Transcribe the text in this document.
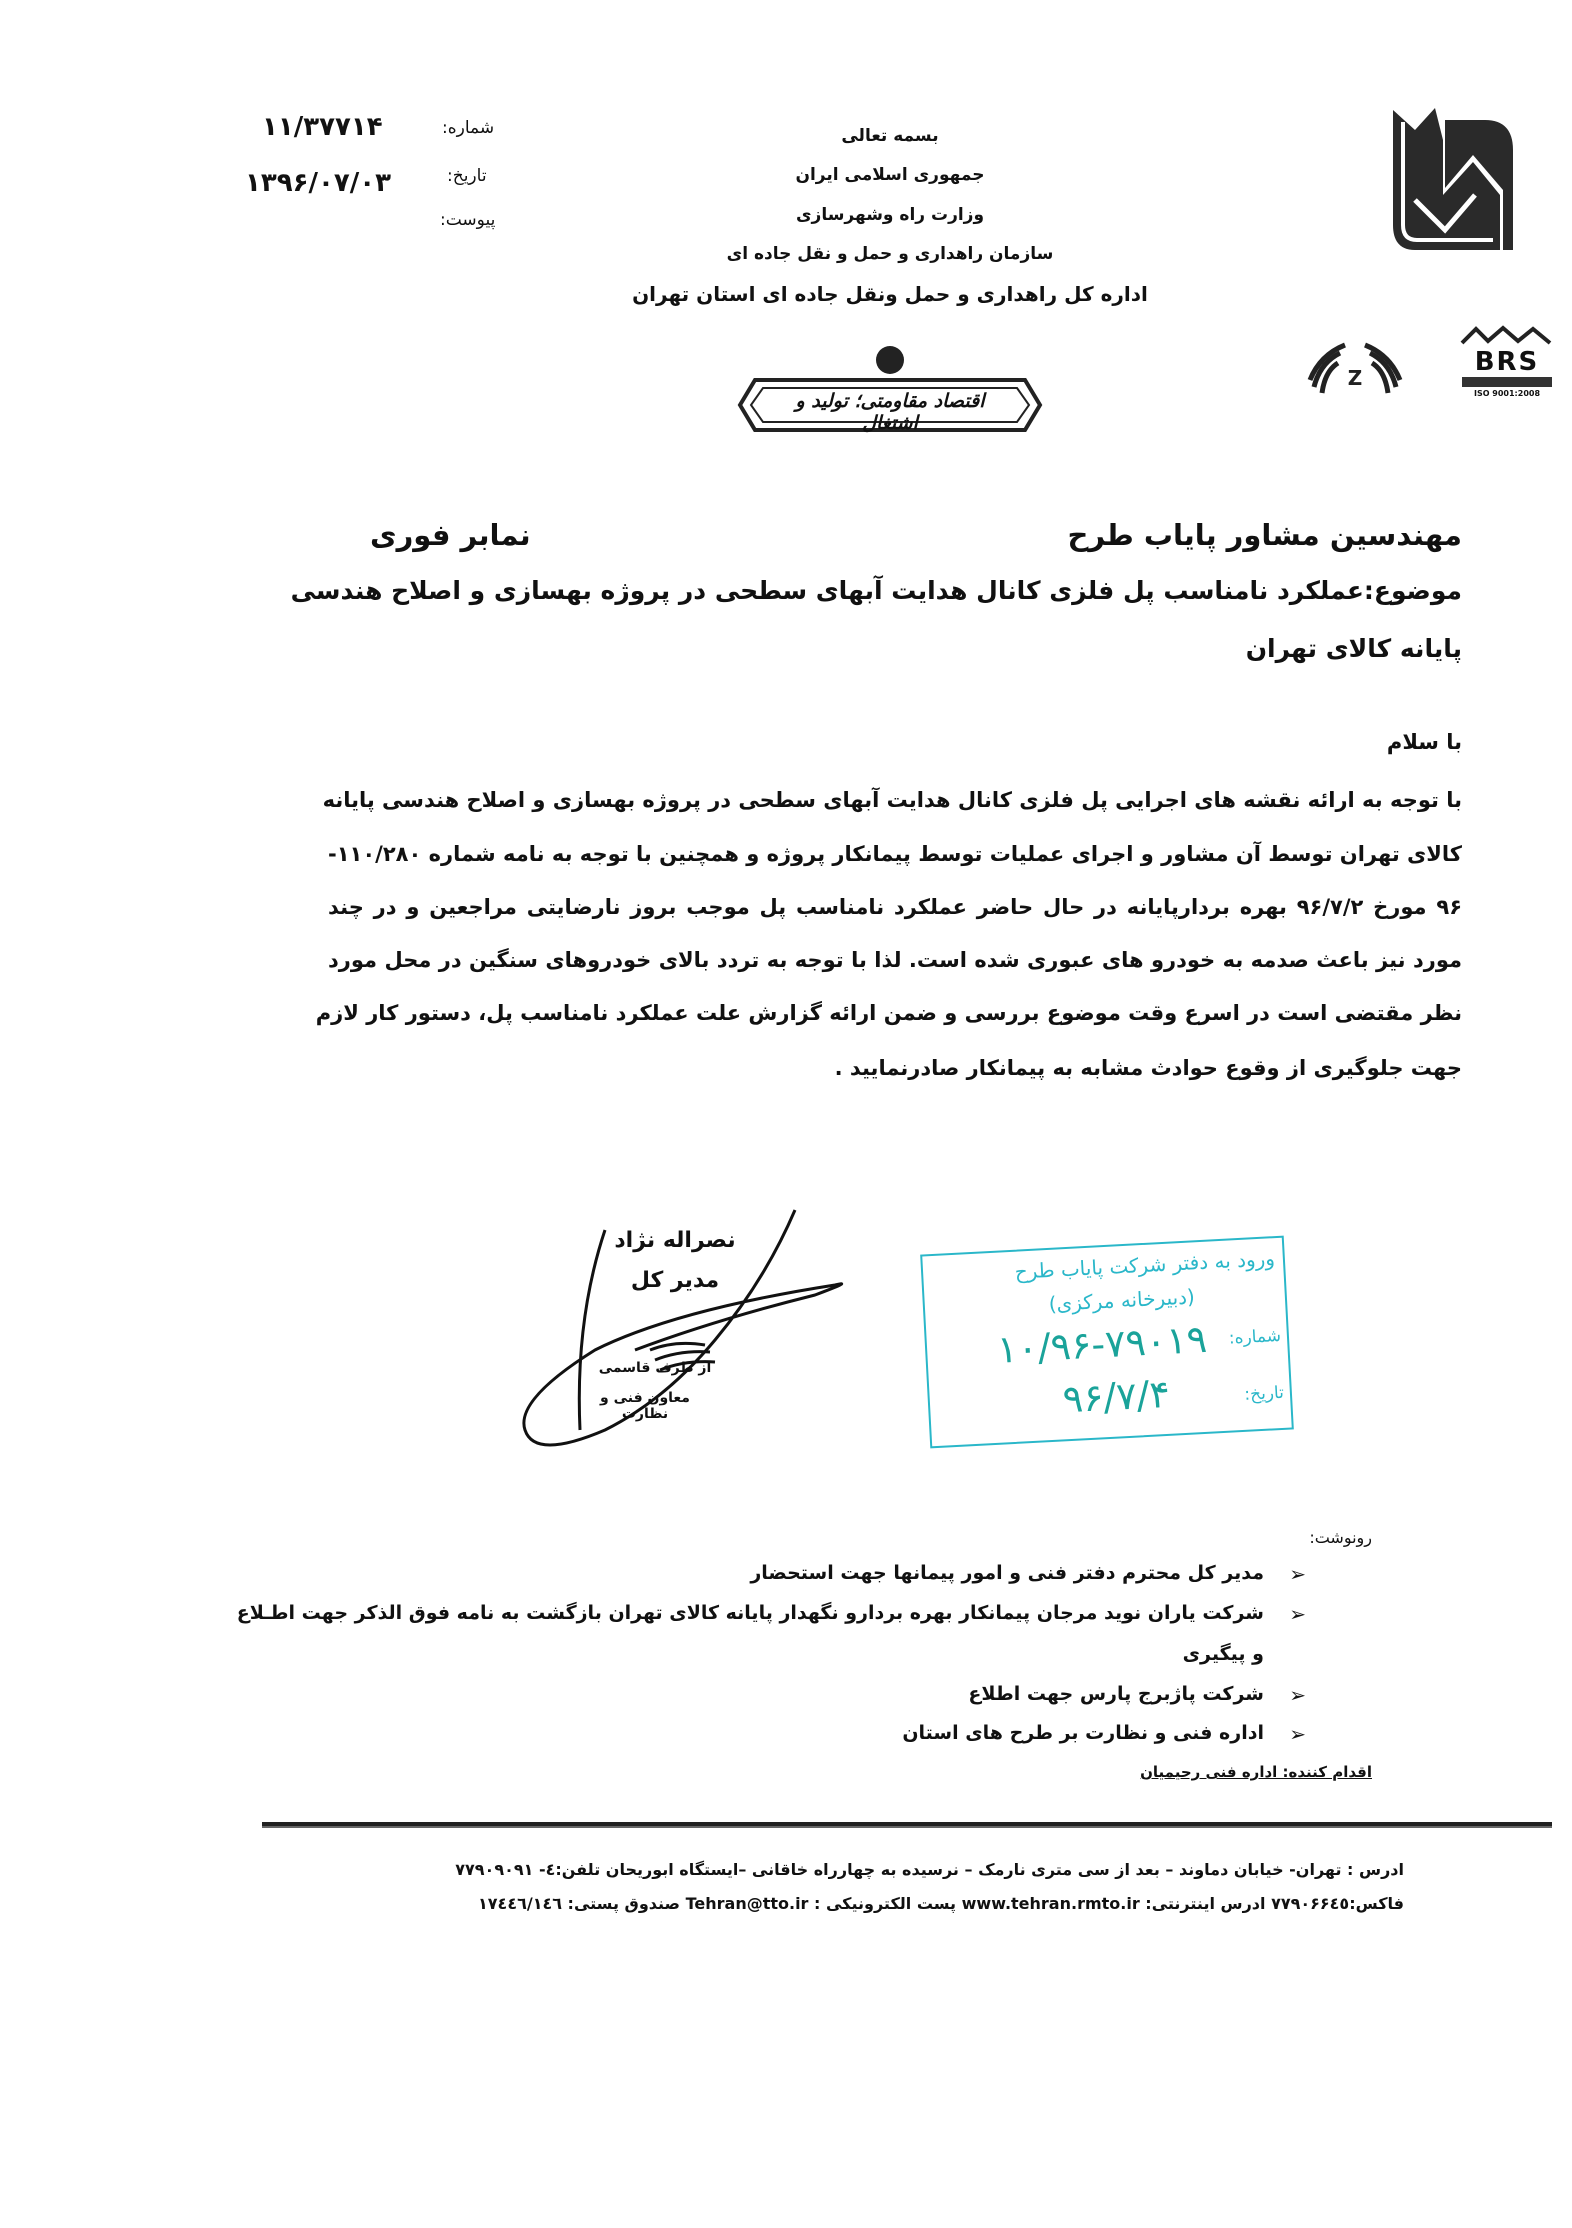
Z
BRS
ISO 9001:2008
بسمه تعالی
جمهوری اسلامی ایران
وزارت راه وشهرسازی
سازمان راهداری و حمل و نقل جاده ای
اداره کل راهداری و حمل ونقل جاده ای استان تهران
اقتصاد مقاومتی؛ تولید و اشتغال
شماره:
۱۱/۳۷۷۱۴
تاریخ:
۱۳۹۶/۰۷/۰۳
پیوست:
مهندسین مشاور پایاب طرح
نمابر فوری
موضوع:عملکرد نامناسب پل فلزی کانال هدایت آبهای سطحی در پروژه بهسازی و اصلاح هندسی
پایانه کالای تهران
با سلام
با توجه به ارائه نقشه های اجرایی پل فلزی کانال هدایت آبهای سطحی در پروژه بهسازی و اصلاح هندسی پایانه
کالای تهران توسط آن مشاور و اجرای عملیات توسط پیمانکار پروژه و همچنین با توجه به نامه شماره ۱۱۰/۲۸۰-
۹۶ مورخ ۹۶/۷/۲ بهره بردارپایانه در حال حاضر عملکرد نامناسب پل موجب بروز نارضایتی مراجعین و در چند
مورد نیز باعث صدمه به خودرو های عبوری شده است. لذا با توجه به تردد بالای خودروهای سنگین در محل مورد
نظر مقتضی است در اسرع وقت موضوع بررسی و ضمن ارائه گزارش علت عملکرد نامناسب پل، دستور کار لازم
جهت جلوگیری از وقوع حوادث مشابه به پیمانکار صادرنمایید .
نصراله نژاد
مدیر کل
از طرف قاسمی
معاون فنی و نظارت
ورود به دفتر شرکت پایاب طرح
(دبیرخانه مرکزی)
شماره:
۱۰/۹۶-۷۹۰۱۹
تاریخ:
۹۶/۷/۴
رونوشت:
➢
مدیر کل محترم دفتر فنی و امور پیمانها جهت استحضار
➢
شرکت یاران نوید مرجان پیمانکار بهره بردارو نگهدار پایانه کالای تهران بازگشت به نامه فوق الذکر جهت اطـلاع
و پیگیری
➢
شرکت پاژبرج پارس جهت اطلاع
➢
اداره فنی و نظارت بر طرح های استان
اقدام کننده: اداره فنی رحیمیان
ادرس : تهران- خیابان دماوند – بعد از سی متری نارمک – نرسیده به چهارراه خاقانی –ایستگاه ابوریحان تلفن:٤- ۷۷۹۰۹۰۹۱
فاکس:۷۷۹۰۶۶٤٥ ادرس اینترنتی: www.tehran.rmto.ir پست الکترونیکی : Tehran@tto.ir صندوق پستی: ۱۷٤٤٦/۱٤٦
